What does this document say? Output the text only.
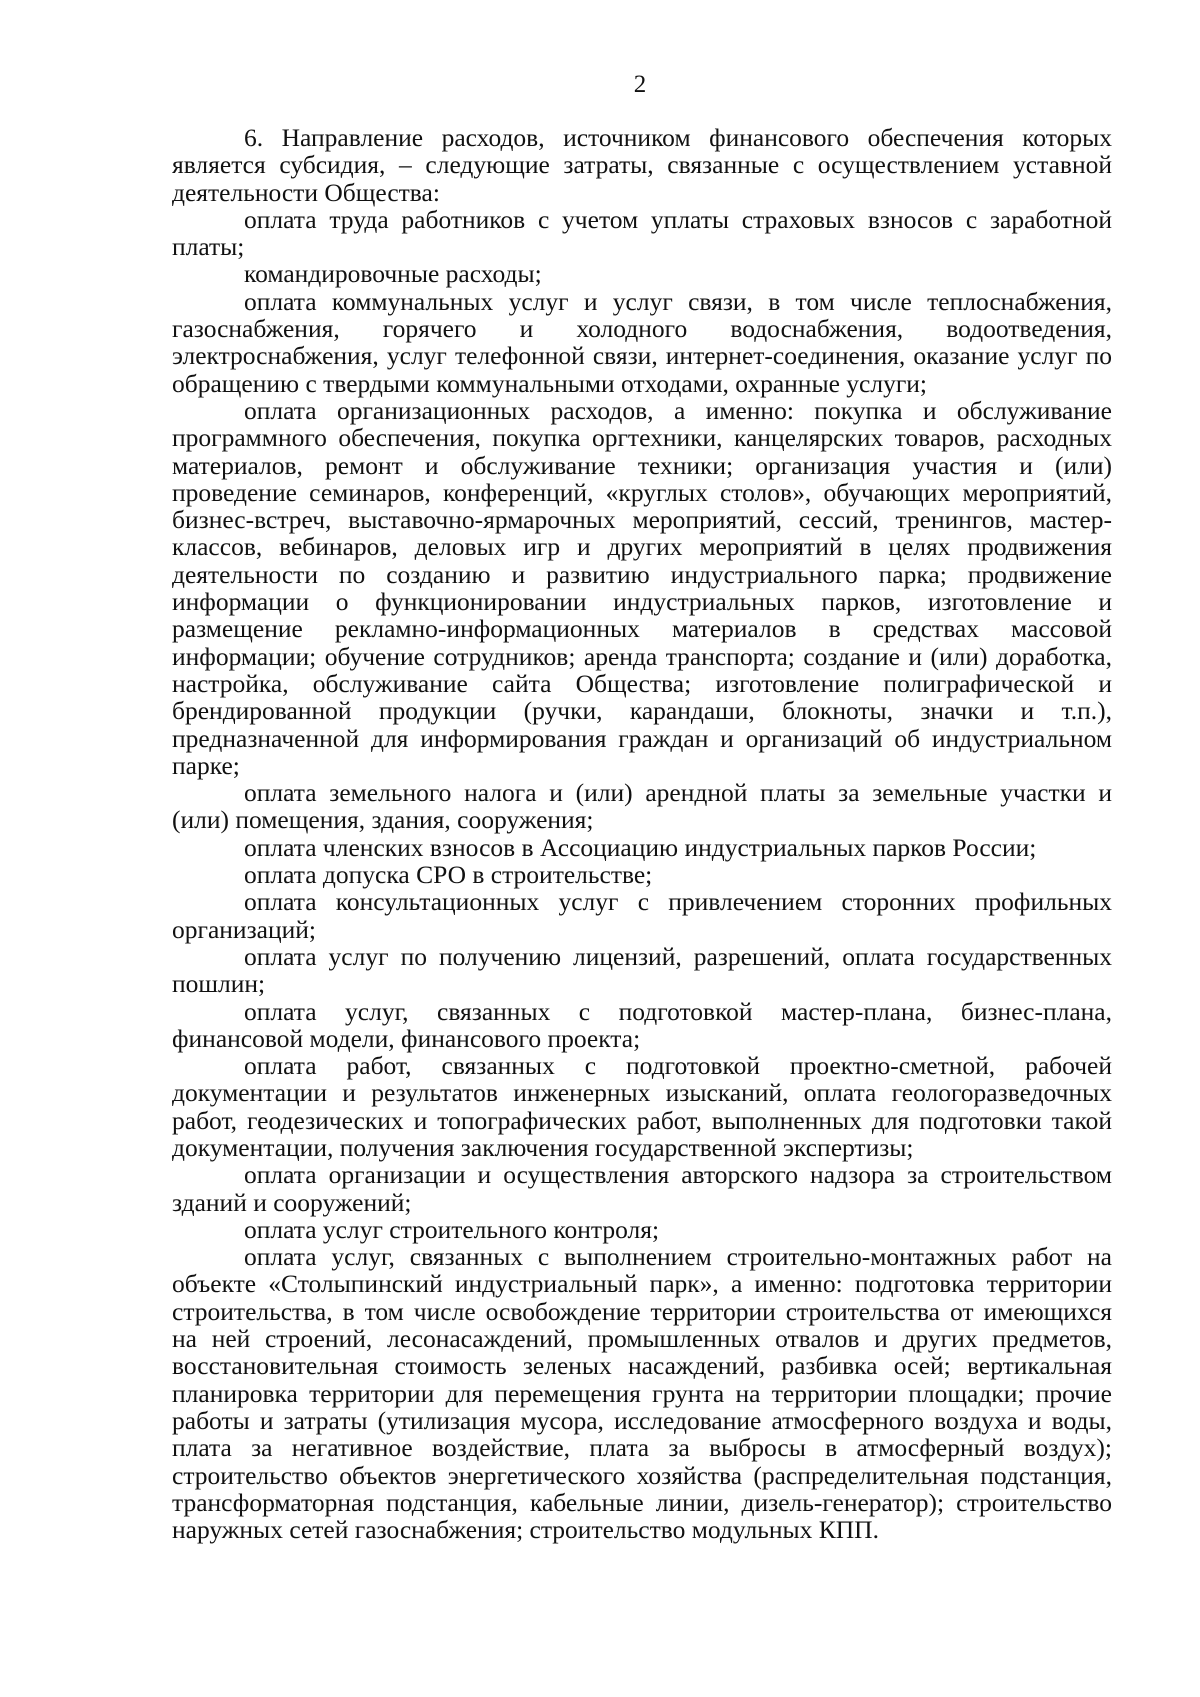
2

6. Направление расходов, источником финансового обеспечения которых является субсидия, – следующие затраты, связанные с осуществлением уставной деятельности Общества:

оплата труда работников с учетом уплаты страховых взносов с заработной платы;

командировочные расходы;

оплата коммунальных услуг и услуг связи, в том числе теплоснабжения, газоснабжения, горячего и холодного водоснабжения, водоотведения, электроснабжения, услуг телефонной связи, интернет-соединения, оказание услуг по обращению с твердыми коммунальными отходами, охранные услуги;

оплата организационных расходов, а именно: покупка и обслуживание программного обеспечения, покупка оргтехники, канцелярских товаров, расходных материалов, ремонт и обслуживание техники; организация участия и (или) проведение семинаров, конференций, «круглых столов», обучающих мероприятий, бизнес-встреч, выставочно-ярмарочных мероприятий, сессий, тренингов, мастер-классов, вебинаров, деловых игр и других мероприятий в целях продвижения деятельности по созданию и развитию индустриального парка; продвижение информации о функционировании индустриальных парков, изготовление и размещение рекламно-информационных материалов в средствах массовой информации; обучение сотрудников; аренда транспорта; создание и (или) доработка, настройка, обслуживание сайта Общества; изготовление полиграфической и брендированной продукции (ручки, карандаши, блокноты, значки и т.п.), предназначенной для информирования граждан и организаций об индустриальном парке;

оплата земельного налога и (или) арендной платы за земельные участки и (или) помещения, здания, сооружения;

оплата членских взносов в Ассоциацию индустриальных парков России;

оплата допуска СРО в строительстве;

оплата консультационных услуг с привлечением сторонних профильных организаций;

оплата услуг по получению лицензий, разрешений, оплата государственных пошлин;

оплата услуг, связанных с подготовкой мастер-плана, бизнес-плана, финансовой модели, финансового проекта;

оплата работ, связанных с подготовкой проектно-сметной, рабочей документации и результатов инженерных изысканий, оплата геологоразведочных работ, геодезических и топографических работ, выполненных для подготовки такой документации, получения заключения государственной экспертизы;

оплата организации и осуществления авторского надзора за строительством зданий и сооружений;

оплата услуг строительного контроля;

оплата услуг, связанных с выполнением строительно-монтажных работ на объекте «Столыпинский индустриальный парк», а именно: подготовка территории строительства, в том числе освобождение территории строительства от имеющихся на ней строений, лесонасаждений, промышленных отвалов и других предметов, восстановительная стоимость зеленых насаждений, разбивка осей; вертикальная планировка территории для перемещения грунта на территории площадки; прочие работы и затраты (утилизация мусора, исследование атмосферного воздуха и воды, плата за негативное воздействие, плата за выбросы в атмосферный воздух); строительство объектов энергетического хозяйства (распределительная подстанция, трансформаторная подстанция, кабельные линии, дизель-генератор); строительство наружных сетей газоснабжения; строительство модульных КПП.
